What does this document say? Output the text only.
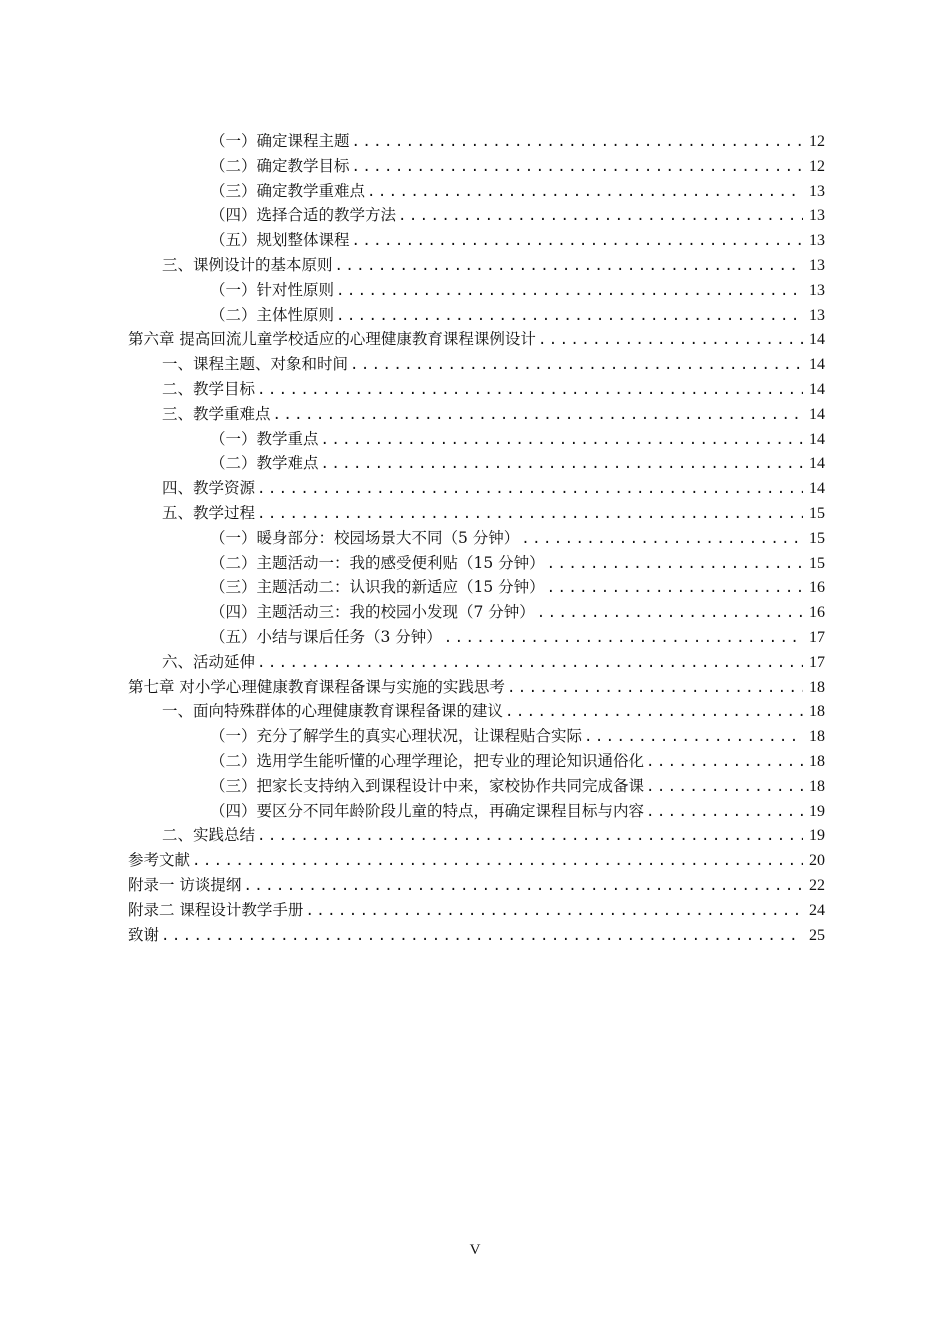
（一）确定课程主题 .....	12
（二）确定教学目标 .....	12
（三）确定教学重难点 .....	13
（四）选择合适的教学方法 .....	13
（五）规划整体课程 .....	13
三、课例设计的基本原则 .....	13
（一）针对性原则 .....	13
（二）主体性原则 .....	13
第六章 提高回流儿童学校适应的心理健康教育课程课例设计 .....	14
一、课程主题、对象和时间 .....	14
二、教学目标 .....	14
三、教学重难点 .....	14
（一）教学重点 .....	14
（二）教学难点 .....	14
四、教学资源 .....	14
五、教学过程 .....	15
（一）暖身部分：校园场景大不同（5 分钟） .....	15
（二）主题活动一：我的感受便利贴（15 分钟） .....	15
（三）主题活动二：认识我的新适应（15 分钟） .....	16
（四）主题活动三：我的校园小发现（7 分钟） .....	16
（五）小结与课后任务（3 分钟） .....	17
六、活动延伸 .....	17
第七章 对小学心理健康教育课程备课与实施的实践思考 .....	18
一、面向特殊群体的心理健康教育课程备课的建议 .....	18
（一）充分了解学生的真实心理状况，让课程贴合实际 .....	18
（二）选用学生能听懂的心理学理论，把专业的理论知识通俗化 .....	18
（三）把家长支持纳入到课程设计中来，家校协作共同完成备课 .....	18
（四）要区分不同年龄阶段儿童的特点，再确定课程目标与内容 .....	19
二、实践总结 .....	19
参考文献 .....	20
附录一 访谈提纲 .....	22
附录二 课程设计教学手册 .....	24
致谢 .....	25
V
